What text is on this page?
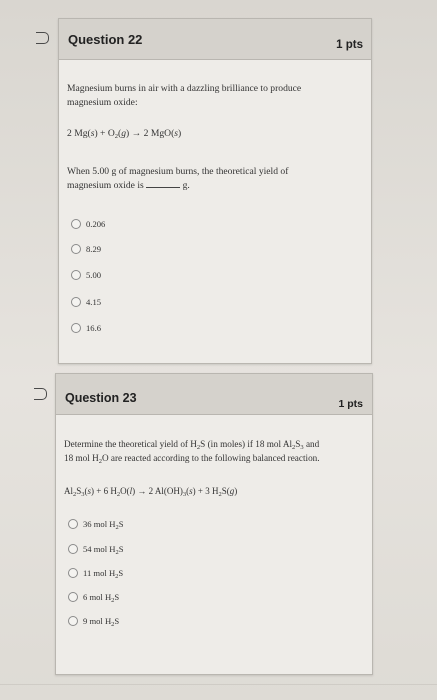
Question 22	1 pts
Magnesium burns in air with a dazzling brilliance to produce
magnesium oxide:
2 $Mg(s) + O_2(g) \to 2$ MgO(s)
When 5.00 g of magnesium burns, the theoretical yield of
magnesium oxide is	g.
0.206
8.29
5.00
4.15
16.6
Question 23	1 pts
Determine the theoretical yield of $H_2S$ (in moles) if 18 mol $Al_2S_3$ and
18 mol $H_2O$ are reacted according to the following balanced reaction.
$Al_2S_3(s) + 6$ $H_2O(l) \to 2$ $Al(OH)_3(s) + 3$ $H_2S(g)$
36 mol $H_2S$
54 mol $H_2S$
11 mol $H_2S$
6 mol $H_2S$
9 mol $H_2S$
